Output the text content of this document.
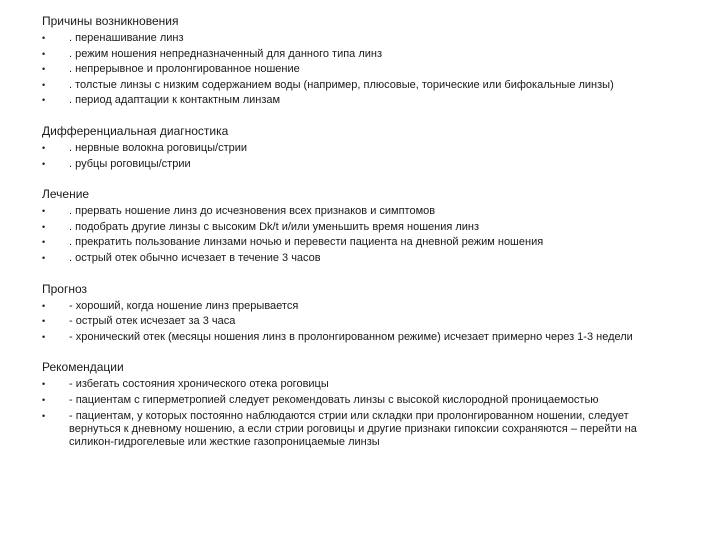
Причины возникновения
• . перенашивание линз
• . режим ношения непредназначенный для данного типа линз
• . непрерывное и пролонгированное ношение
• . толстые линзы с низким содержанием воды (например, плюсовые, торические или бифокальные линзы)
• . период адаптации к контактным линзам
Дифференциальная диагностика
• . нервные волокна роговицы/стрии
• . рубцы роговицы/стрии
Лечение
• . прервать ношение линз до исчезновения всех признаков и симптомов
• . подобрать другие линзы с высоким Dk/t и/или уменьшить время ношения линз
• . прекратить пользование линзами ночью и перевести пациента на дневной режим ношения
• . острый отек обычно исчезает в течение 3 часов
Прогноз
• - хороший, когда ношение линз прерывается
• - острый отек исчезает за 3 часа
• - хронический отек (месяцы ношения линз в пролонгированном режиме) исчезает примерно через 1-3 недели
Рекомендации
• - избегать состояния хронического отека роговицы
• - пациентам с гиперметропией следует рекомендовать линзы с высокой кислородной проницаемостью
• - пациентам, у которых постоянно наблюдаются стрии или складки при пролонгированном ношении, следует вернуться к дневному ношению, а если стрии роговицы и другие признаки гипоксии сохраняются – перейти на силикон-гидрогелевые или жесткие газопроницаемые линзы
